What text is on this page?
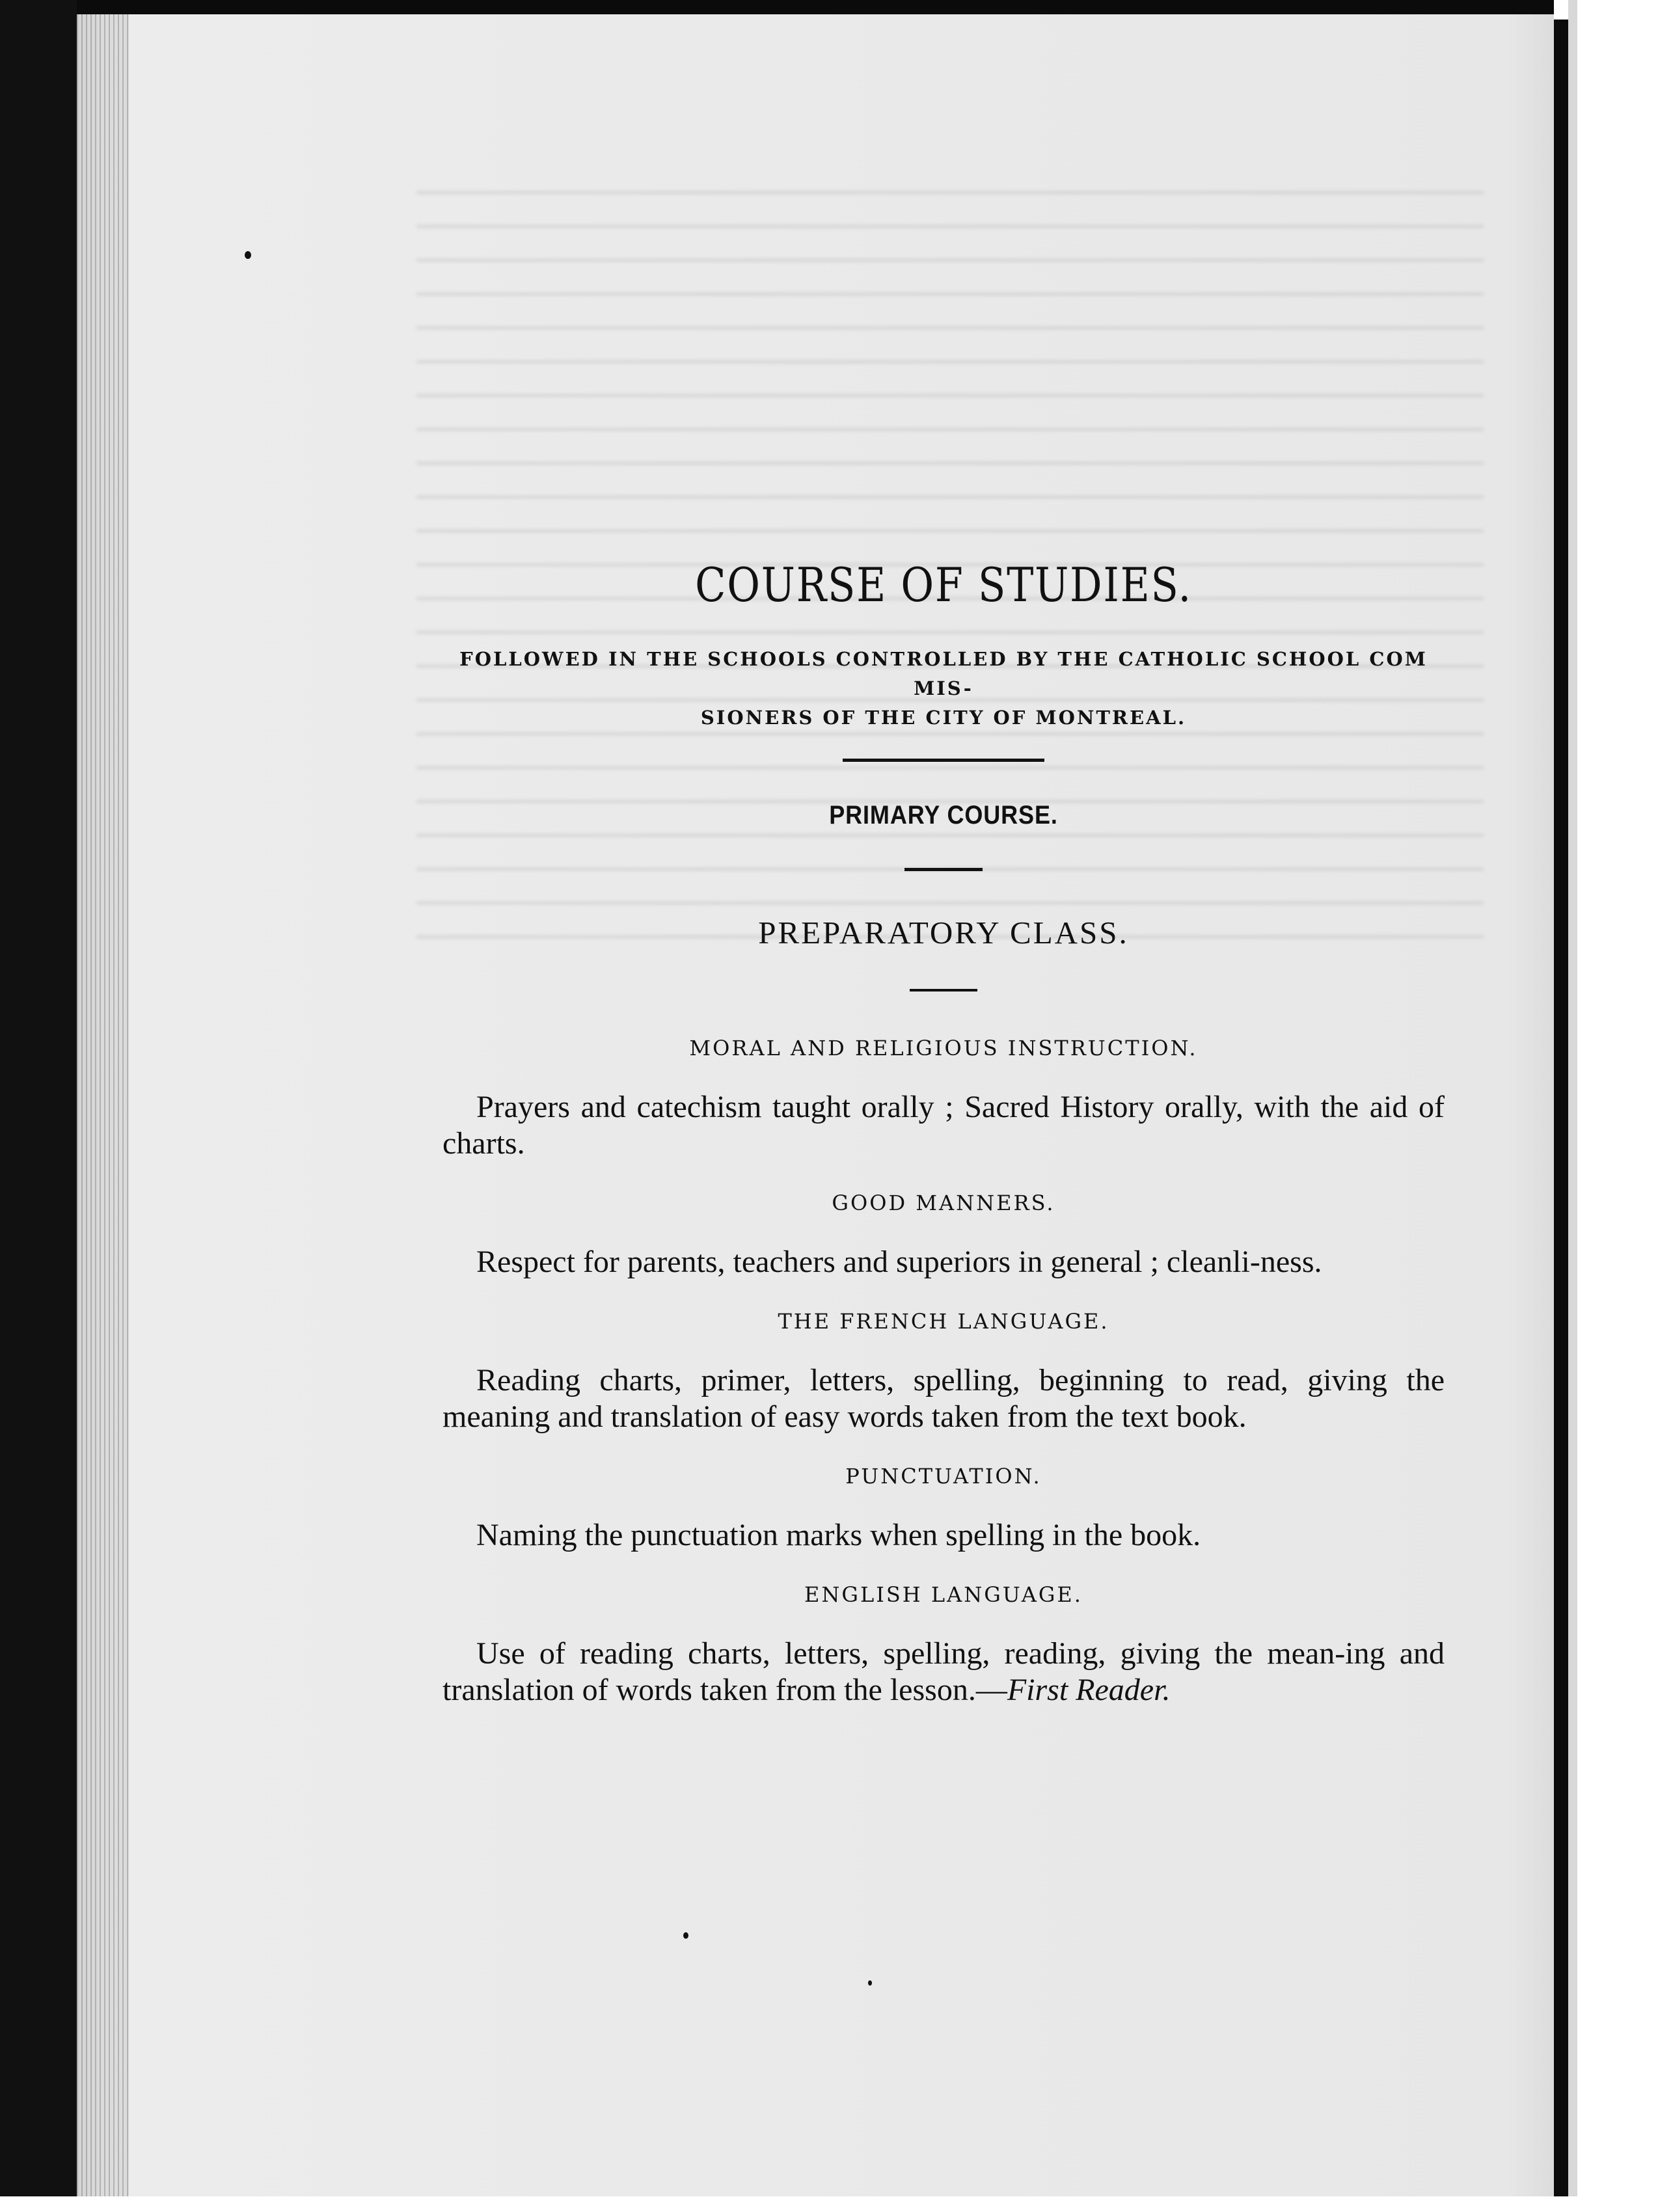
COURSE OF STUDIES.
FOLLOWED IN THE SCHOOLS CONTROLLED BY THE CATHOLIC SCHOOL COM MIS-
SIONERS OF THE CITY OF MONTREAL.
PRIMARY COURSE.
PREPARATORY CLASS.
MORAL AND RELIGIOUS INSTRUCTION.

Prayers and catechism taught orally ; Sacred History orally, with the aid of charts.

GOOD MANNERS.

Respect for parents, teachers and superiors in general ; cleanli-ness.

THE FRENCH LANGUAGE.

Reading charts, primer, letters, spelling, beginning to read, giving the meaning and translation of easy words taken from the text book.

PUNCTUATION.

Naming the punctuation marks when spelling in the book.

ENGLISH LANGUAGE.

Use of reading charts, letters, spelling, reading, giving the mean-ing and translation of words taken from the lesson.—First Reader.
